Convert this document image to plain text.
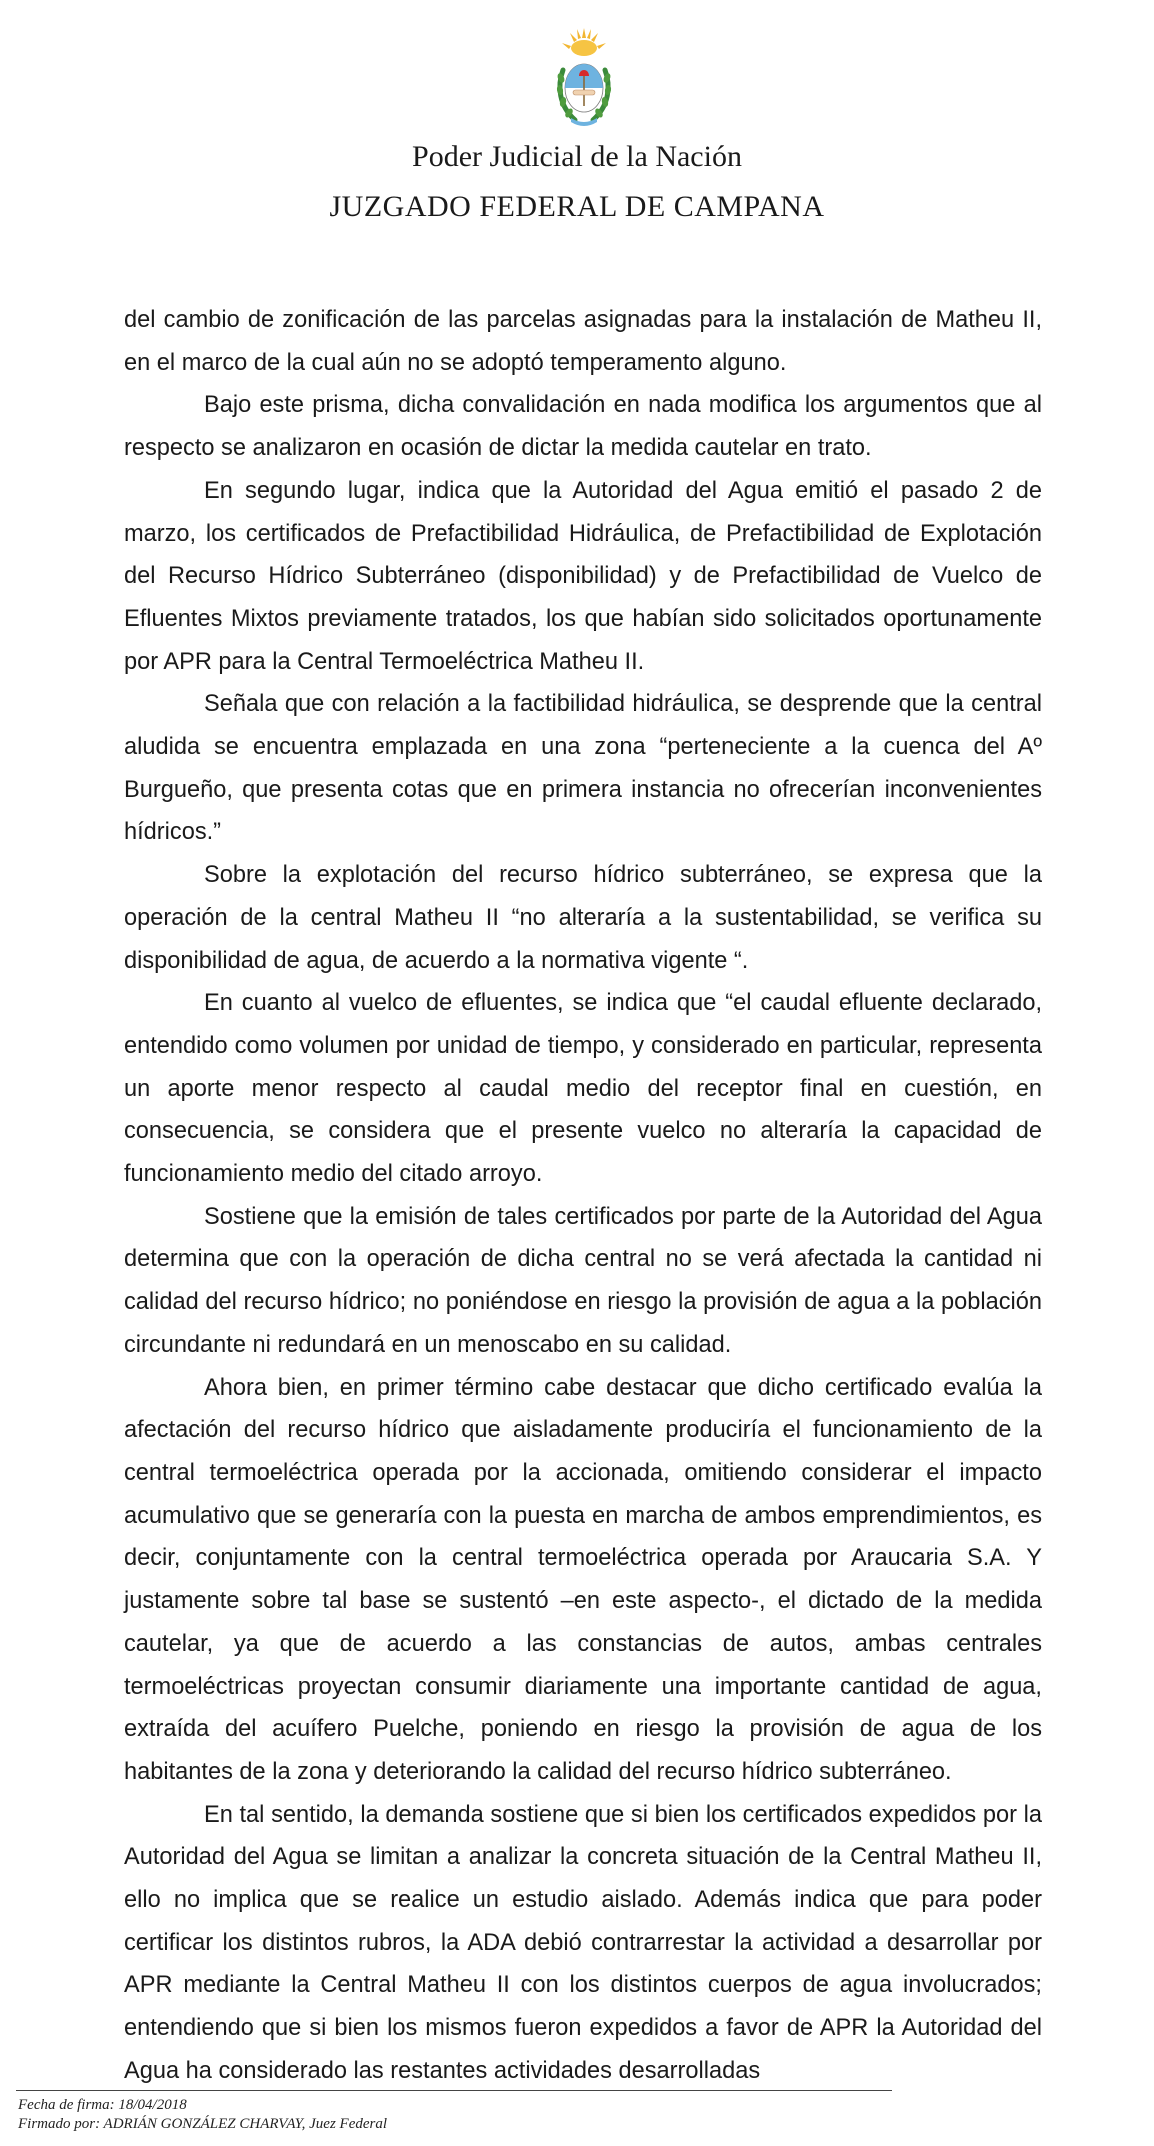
Poder Judicial de la Nación
JUZGADO FEDERAL DE CAMPANA

del cambio de zonificación de las parcelas asignadas para la instalación de Matheu II, en el marco de la cual aún no se adoptó temperamento alguno.

Bajo este prisma, dicha convalidación en nada modifica los argumentos que al respecto se analizaron en ocasión de dictar la medida cautelar en trato.

En segundo lugar, indica que la Autoridad del Agua emitió el pasado 2 de marzo, los certificados de Prefactibilidad Hidráulica, de Prefactibilidad de Explotación del Recurso Hídrico Subterráneo (disponibilidad) y de Prefactibilidad de Vuelco de Efluentes Mixtos previamente tratados, los que habían sido solicitados oportunamente por APR para la Central Termoeléctrica Matheu II.

Señala que con relación a la factibilidad hidráulica, se desprende que la central aludida se encuentra emplazada en una zona “perteneciente a la cuenca del Aº Burgueño, que presenta cotas que en primera instancia no ofrecerían inconvenientes hídricos.”

Sobre la explotación del recurso hídrico subterráneo, se expresa que la operación de la central Matheu II “no alteraría a la sustentabilidad, se verifica su disponibilidad de agua, de acuerdo a la normativa vigente “.

En cuanto al vuelco de efluentes, se indica que “el caudal efluente declarado, entendido como volumen por unidad de tiempo, y considerado en particular, representa un aporte menor respecto al caudal medio del receptor final en cuestión, en consecuencia, se considera que el presente vuelco no alteraría la capacidad de funcionamiento medio del citado arroyo.

Sostiene que la emisión de tales certificados por parte de la Autoridad del Agua determina que con la operación de dicha central no se verá afectada la cantidad ni calidad del recurso hídrico; no poniéndose en riesgo la provisión de agua a la población circundante ni redundará en un menoscabo en su calidad.

Ahora bien, en primer término cabe destacar que dicho certificado evalúa la afectación del recurso hídrico que aisladamente produciría el funcionamiento de la central termoeléctrica operada por la accionada, omitiendo considerar el impacto acumulativo que se generaría con la puesta en marcha de ambos emprendimientos, es decir, conjuntamente con la central termoeléctrica operada por Araucaria S.A. Y justamente sobre tal base se sustentó –en este aspecto-, el dictado de la medida cautelar, ya que de acuerdo a las constancias de autos, ambas centrales termoeléctricas proyectan consumir diariamente una importante cantidad de agua, extraída del acuífero Puelche, poniendo en riesgo la provisión de agua de los habitantes de la zona y deteriorando la calidad del recurso hídrico subterráneo.

En tal sentido, la demanda sostiene que si bien los certificados expedidos por la Autoridad del Agua se limitan a analizar la concreta situación de la Central Matheu II, ello no implica que se realice un estudio aislado. Además indica que para poder certificar los distintos rubros, la ADA debió contrarrestar la actividad a desarrollar por APR mediante la Central Matheu II con los distintos cuerpos de agua involucrados; entendiendo que si bien los mismos fueron expedidos a favor de APR la Autoridad del Agua ha considerado las restantes actividades desarrolladas

Fecha de firma: 18/04/2018
Firmado por: ADRIÁN GONZÁLEZ CHARVAY, Juez Federal
